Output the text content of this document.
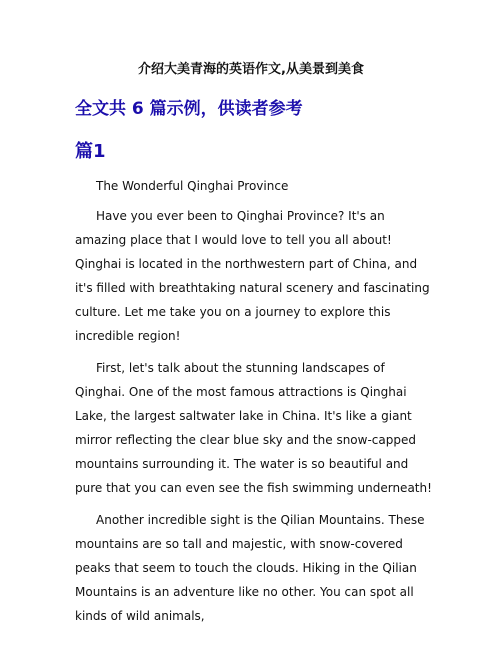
介绍大美青海的英语作文,从美景到美食
全文共 6 篇示例，供读者参考
篇1
The Wonderful Qinghai Province

Have you ever been to Qinghai Province? It's an amazing place that I would love to tell you all about! Qinghai is located in the northwestern part of China, and it's filled with breathtaking natural scenery and fascinating culture. Let me take you on a journey to explore this incredible region!

First, let's talk about the stunning landscapes of Qinghai. One of the most famous attractions is Qinghai Lake, the largest saltwater lake in China. It's like a giant mirror reflecting the clear blue sky and the snow-capped mountains surrounding it. The water is so beautiful and pure that you can even see the fish swimming underneath!

Another incredible sight is the Qilian Mountains. These mountains are so tall and majestic, with snow-covered peaks that seem to touch the clouds. Hiking in the Qilian Mountains is an adventure like no other. You can spot all kinds of wild animals,
